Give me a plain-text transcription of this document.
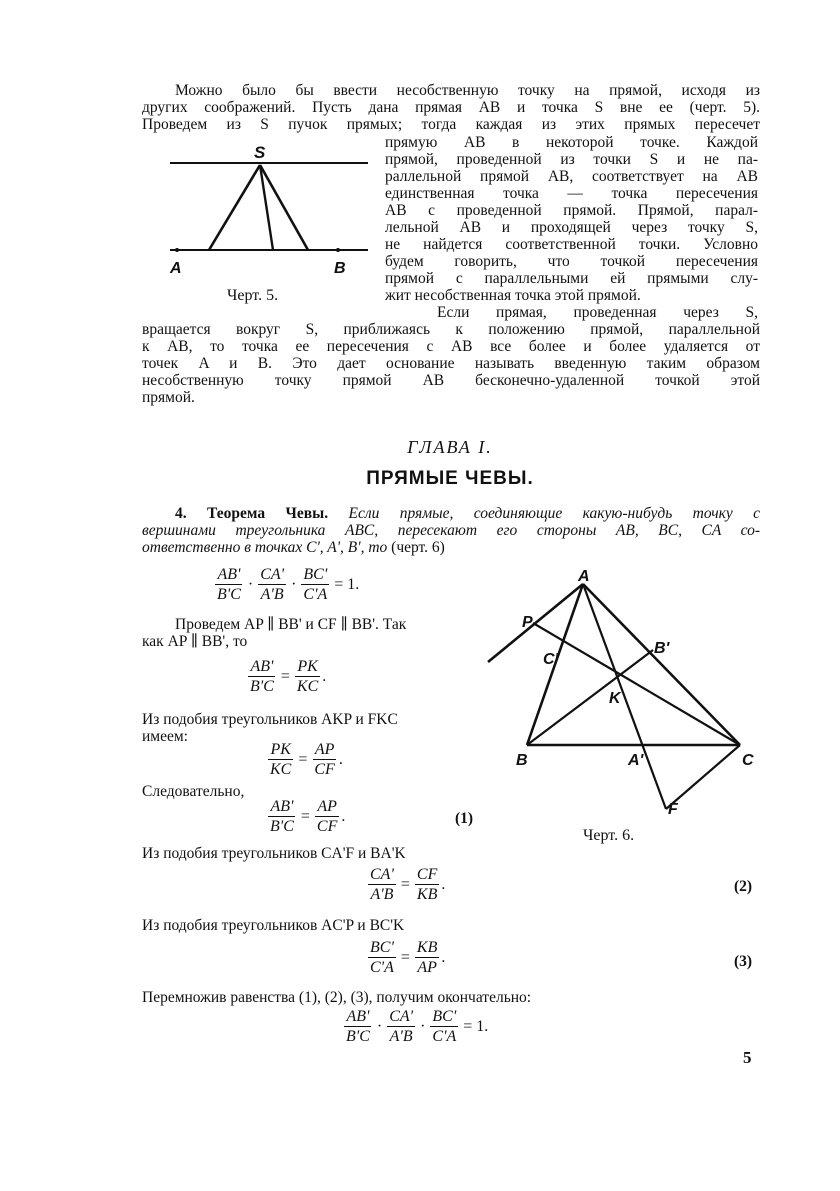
Можно было бы ввести несобственную точку на прямой, исходя из
других соображений. Пусть дана прямая AB и точка S вне ее (черт. 5).
Проведем из S пучок прямых; тогда каждая из этих прямых пересечет
прямую AB в некоторой точке. Каждой
прямой, проведенной из точки S и не па-
раллельной прямой AB, соответствует на AB
единственная точка — точка пересечения
AB с проведенной прямой. Прямой, парал-
лельной AB и проходящей через точку S,
не найдется соответственной точки. Условно
будем говорить, что точкой пересечения
прямой с параллельными ей прямыми слу-
жит несобственная точка этой прямой.
Если прямая, проведенная через S,
вращается вокруг S, приближаясь к положению прямой, параллельной
к AB, то точка ее пересечения с AB все более и более удаляется от
точек A и B. Это дает основание называть введенную таким образом
несобственную точку прямой AB бесконечно-удаленной точкой этой
прямой.
S
A	B
Черт. 5.
ГЛАВА I.
ПРЯМЫЕ ЧЕВЫ.
4. Теорема Чевы. Если прямые, соединяющие какую-нибудь точку с
вершинами треугольника ABC, пересекают его стороны AB, BC, CA со-
ответственно в точках C', A', B', то (черт. 6)
$\frac{AB'}{B'C} \cdot \frac{CA'}{A'B} \cdot \frac{BC'}{C'A} = 1$.
Проведем AP ∥ BB' и CF ∥ BB'. Так
как AP ∥ BB', то
$\frac{AB'}{B'C} = \frac{PK}{KC}$ .
Из подобия треугольников AKP и FKC
имеем:
$\frac{PK}{KC} = \frac{AP}{CF}$ .
Следовательно,
$\frac{AB'}{B'C} = \frac{AP}{CF}$ .	(1)
Из подобия треугольников CA'F и BA'K
$\frac{CA'}{A'B} = \frac{CF}{KB}$ .	(2)
Из подобия треугольников AC'P и BC'K
$\frac{BC'}{C'A} = \frac{KB}{AP}$ .	(3)
Перемножив равенства (1), (2), (3), получим окончательно:
$\frac{AB'}{B'C} \cdot \frac{CA'}{A'B} \cdot \frac{BC'}{C'A} = 1$.
A
B	C
P
C'
B'
K
A'
F
Черт. 6.
5
